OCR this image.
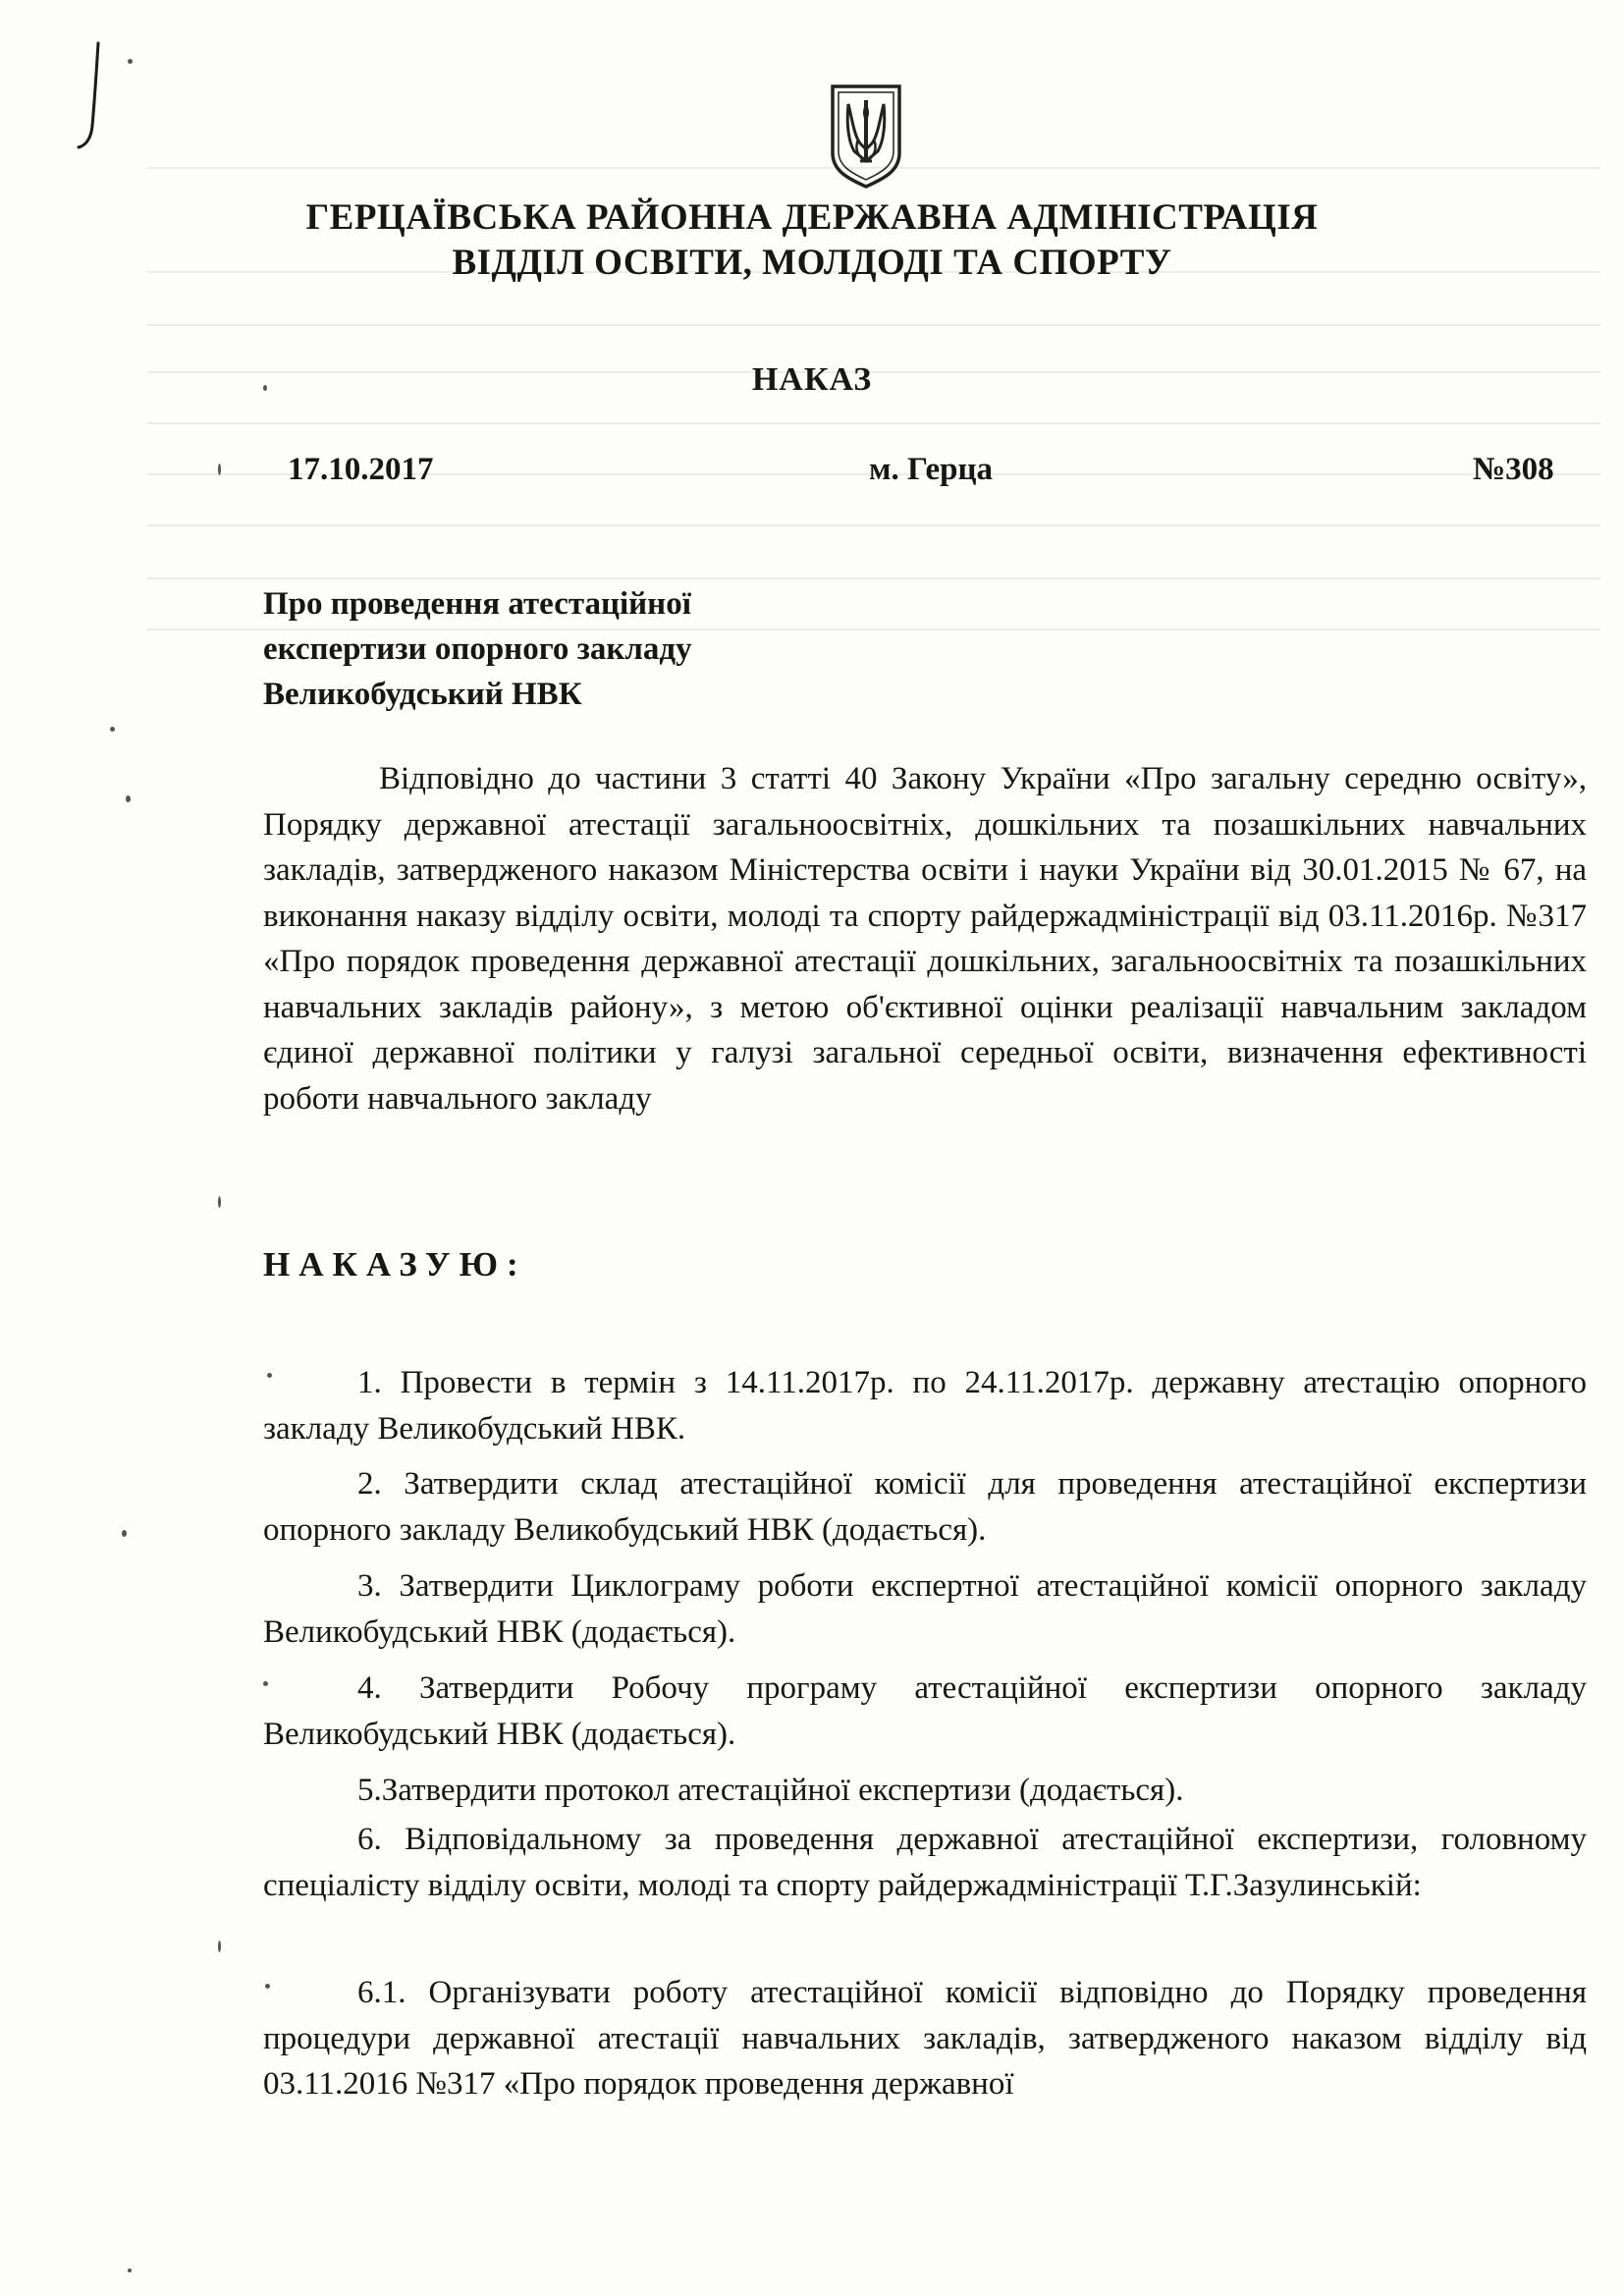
ГЕРЦАЇВСЬКА РАЙОННА ДЕРЖАВНА АДМІНІСТРАЦІЯ
ВІДДІЛ ОСВІТИ, МОЛДОДІ ТА СПОРТУ
НАКАЗ
17.10.2017	м. Герца	№308
Про проведення атестаційної
експертизи опорного закладу
Великобудський НВК
Відповідно до частини 3 статті 40 Закону України «Про загальну середню освіту», Порядку державної атестації загальноосвітніх, дошкільних та позашкільних навчальних закладів, затвердженого наказом Міністерства освіти і науки України від 30.01.2015 № 67, на виконання наказу відділу освіти, молоді та спорту райдержадміністрації від 03.11.2016р. №317 «Про порядок проведення державної атестації дошкільних, загальноосвітніх та позашкільних навчальних закладів району», з метою об'єктивної оцінки реалізації навчальним закладом єдиної державної політики у галузі загальної середньої освіти, визначення ефективності роботи навчального закладу
НАКАЗУЮ:
1. Провести в термін з 14.11.2017р. по 24.11.2017р. державну атестацію опорного закладу Великобудський НВК.
2. Затвердити склад атестаційної комісії для проведення атестаційної експертизи опорного закладу Великобудський НВК (додається).
3. Затвердити Циклограму роботи експертної атестаційної комісії опорного закладу Великобудський НВК (додається).
4. Затвердити Робочу програму атестаційної експертизи опорного закладу Великобудський НВК (додається).
5.Затвердити протокол атестаційної експертизи (додається).
6. Відповідальному за проведення державної атестаційної експертизи, головному спеціалісту відділу освіти, молоді та спорту райдержадміністрації Т.Г.Зазулинській:
6.1. Організувати роботу атестаційної комісії відповідно до Порядку проведення процедури державної атестації навчальних закладів, затвердженого наказом відділу від 03.11.2016 №317 «Про порядок проведення державної
